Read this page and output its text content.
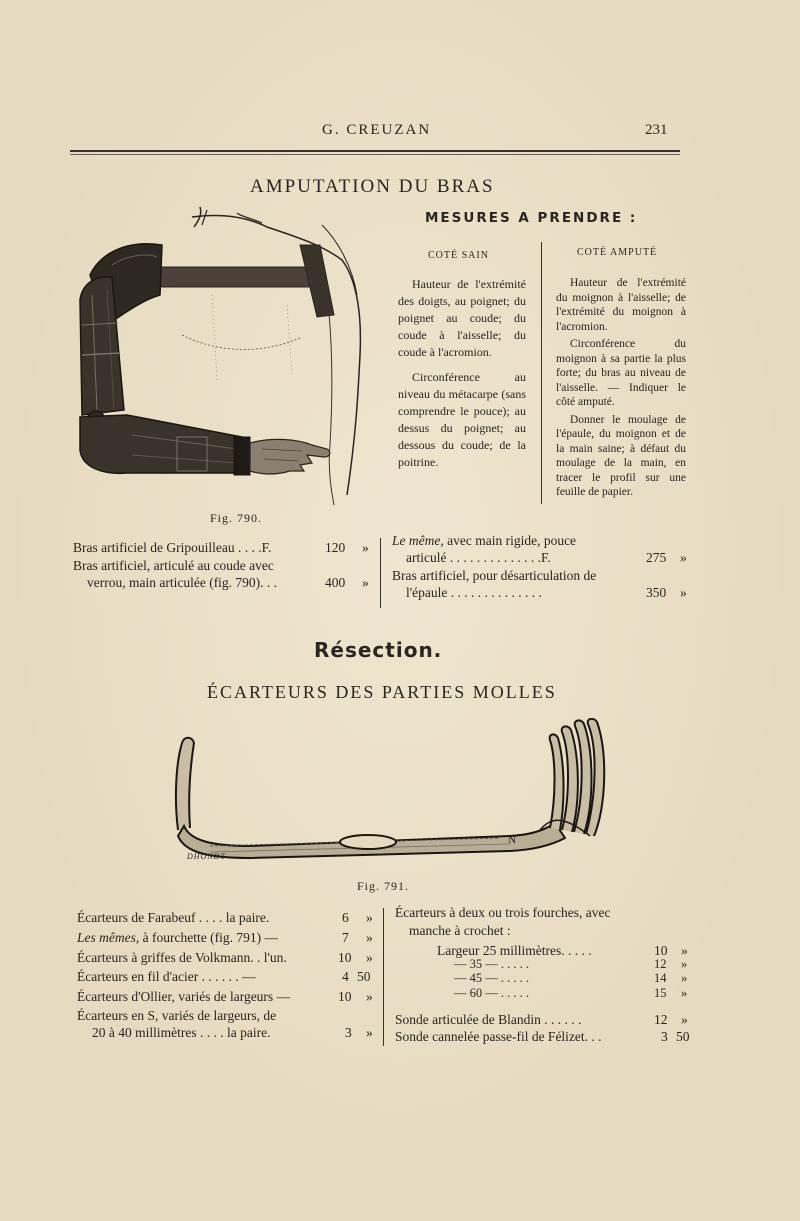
G. CREUZAN	231
AMPUTATION DU BRAS
MESURES A PRENDRE :
COTÉ SAIN

Hauteur de l'extrémité des doigts, au poignet; du poignet au coude; du coude à l'aisselle; du coude à l'acromion.

Circonférence au niveau du métacarpe (sans comprendre le pouce); au dessus du poignet; au dessous du coude; de la poitrine.

COTÉ AMPUTÉ

Hauteur de l'extrémité du moignon à l'aisselle; de l'extrémité du moignon à l'acromion.

Circonférence du moignon à sa partie la plus forte; du bras au niveau de l'aisselle. — Indiquer le côté amputé.

Donner le moulage de l'épaule, du moignon et de la main saine; à défaut du moulage de la main, en tracer le profil sur une feuille de papier.

Fig. 790.
Bras artificiel de Gripouilleau . . . .F.	120 »
Bras artificiel, articulé au coude avec
verrou, main articulée (fig. 790). . .	400 »
Le même, avec main rigide, pouce
articulé . . . . . . . . . . . . . .F.	275 »
Bras artificiel, pour désarticulation de
l'épaule . . . . . . . . . . . . . .	350 »
Résection.
ÉCARTEURS DES PARTIES MOLLES
N
DHONDT
Fig. 791.
Écarteurs de Farabeuf . . . . la paire.	6 »
Les mêmes, à fourchette (fig. 791) —	7 »
Écarteurs à griffes de Volkmann. . l'un.	10 »
Écarteurs en fil d'acier . . . . . . —	4 50
Écarteurs d'Ollier, variés de largeurs —	10 »
Écarteurs en S, variés de largeurs, de
20 à 40 millimètres . . . . la paire.	3 »
Écarteurs à deux ou trois fourches, avec
manche à crochet :
Largeur 25 millimètres. . . . .	10 »
— 35 — . . . . .	12 »
— 45 — . . . . .	14 »
— 60 — . . . . .	15 »
Sonde articulée de Blandin . . . . . .	12 »
Sonde cannelée passe-fil de Félizet. . .	3 50
